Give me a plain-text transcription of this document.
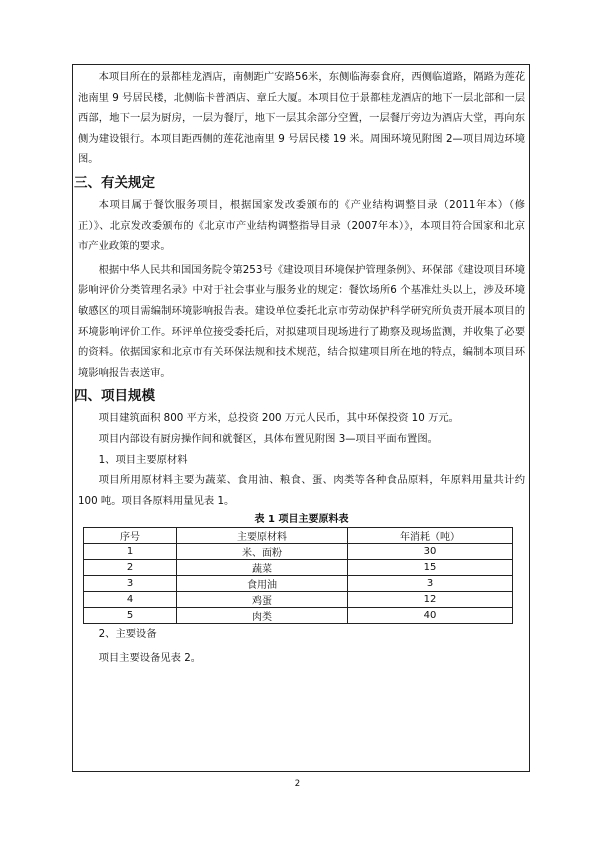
本项目所在的景都桂龙酒店，南侧距广安路56米，东侧临海泰食府，西侧临道路，隔路为莲花池南里 9 号居民楼，北侧临卡普酒店、章丘大厦。本项目位于景都桂龙酒店的地下一层北部和一层西部，地下一层为厨房，一层为餐厅，地下一层其余部分空置，一层餐厅旁边为酒店大堂，再向东侧为建设银行。本项目距西侧的莲花池南里 9 号居民楼 19 米。周围环境见附图 2—项目周边环境图。

三、有关规定

本项目属于餐饮服务项目，根据国家发改委颁布的《产业结构调整目录（2011年本）（修正）》、北京发改委颁布的《北京市产业结构调整指导目录（2007年本）》，本项目符合国家和北京市产业政策的要求。

根据中华人民共和国国务院令第253号《建设项目环境保护管理条例》、环保部《建设项目环境影响评价分类管理名录》中对于社会事业与服务业的规定：餐饮场所6 个基准灶头以上，涉及环境敏感区的项目需编制环境影响报告表。建设单位委托北京市劳动保护科学研究所负责开展本项目的环境影响评价工作。环评单位接受委托后，对拟建项目现场进行了勘察及现场监测，并收集了必要的资料。依据国家和北京市有关环保法规和技术规范，结合拟建项目所在地的特点，编制本项目环境影响报告表送审。

四、项目规模

项目建筑面积 800 平方米，总投资 200 万元人民币，其中环保投资 10 万元。

项目内部设有厨房操作间和就餐区，具体布置见附图 3—项目平面布置图。

1、项目主要原材料

项目所用原材料主要为蔬菜、食用油、粮食、蛋、肉类等各种食品原料，年原料用量共计约 100 吨。项目各原料用量见表 1。

表 1 项目主要原料表
序号	主要原材料	年消耗（吨）
1	米、面粉	30
2	蔬菜	15
3	食用油	3
4	鸡蛋	12
5	肉类	40

2、主要设备

项目主要设备见表 2。

2
